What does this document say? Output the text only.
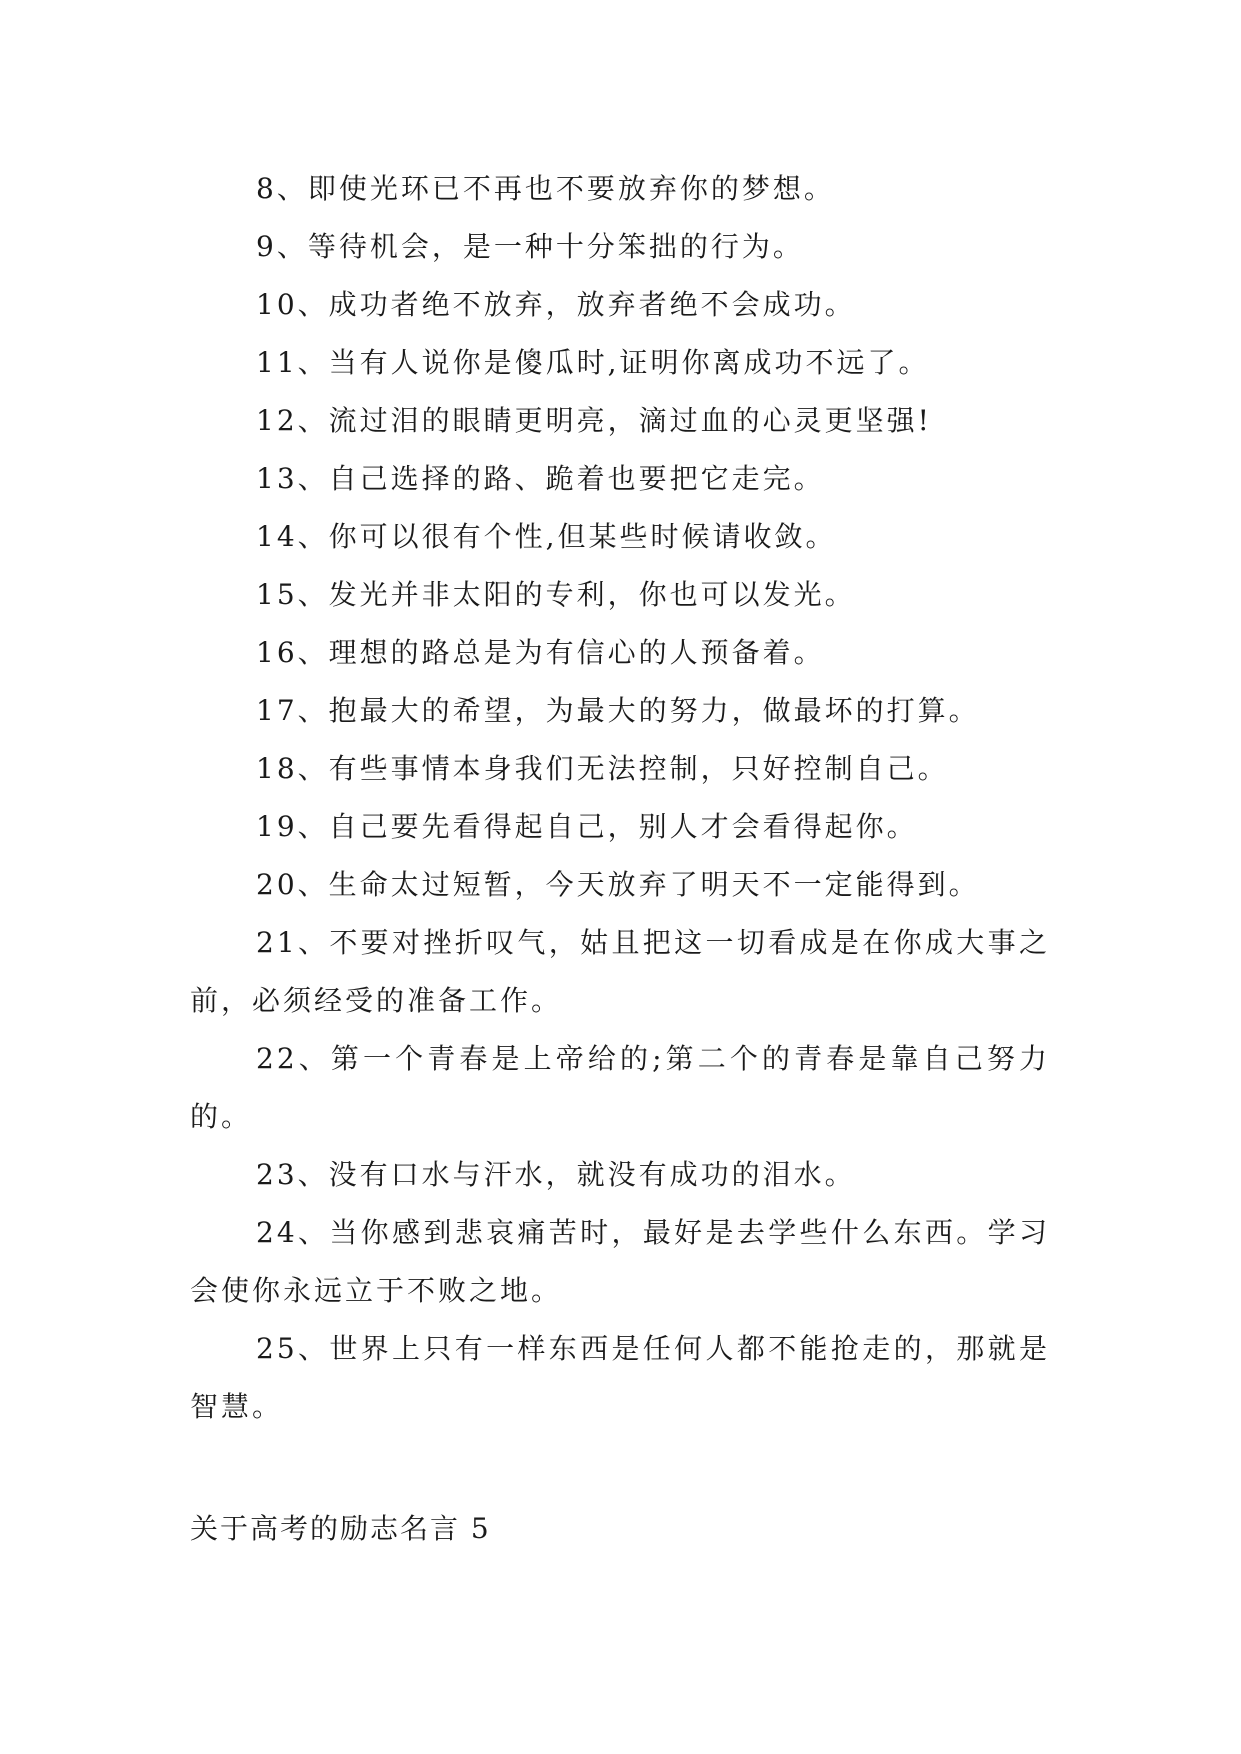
8、即使光环已不再也不要放弃你的梦想。

9、等待机会，是一种十分笨拙的行为。

10、成功者绝不放弃，放弃者绝不会成功。

11、当有人说你是傻瓜时,证明你离成功不远了。

12、流过泪的眼睛更明亮，滴过血的心灵更坚强!

13、自己选择的路、跪着也要把它走完。

14、你可以很有个性,但某些时候请收敛。

15、发光并非太阳的专利，你也可以发光。

16、理想的路总是为有信心的人预备着。

17、抱最大的希望，为最大的努力，做最坏的打算。

18、有些事情本身我们无法控制，只好控制自己。

19、自己要先看得起自己，别人才会看得起你。

20、生命太过短暂，今天放弃了明天不一定能得到。

21、不要对挫折叹气，姑且把这一切看成是在你成大事之前，必须经受的准备工作。

22、第一个青春是上帝给的;第二个的青春是靠自己努力的。

23、没有口水与汗水，就没有成功的泪水。

24、当你感到悲哀痛苦时，最好是去学些什么东西。学习会使你永远立于不败之地。

25、世界上只有一样东西是任何人都不能抢走的，那就是智慧。

关于高考的励志名言 5
